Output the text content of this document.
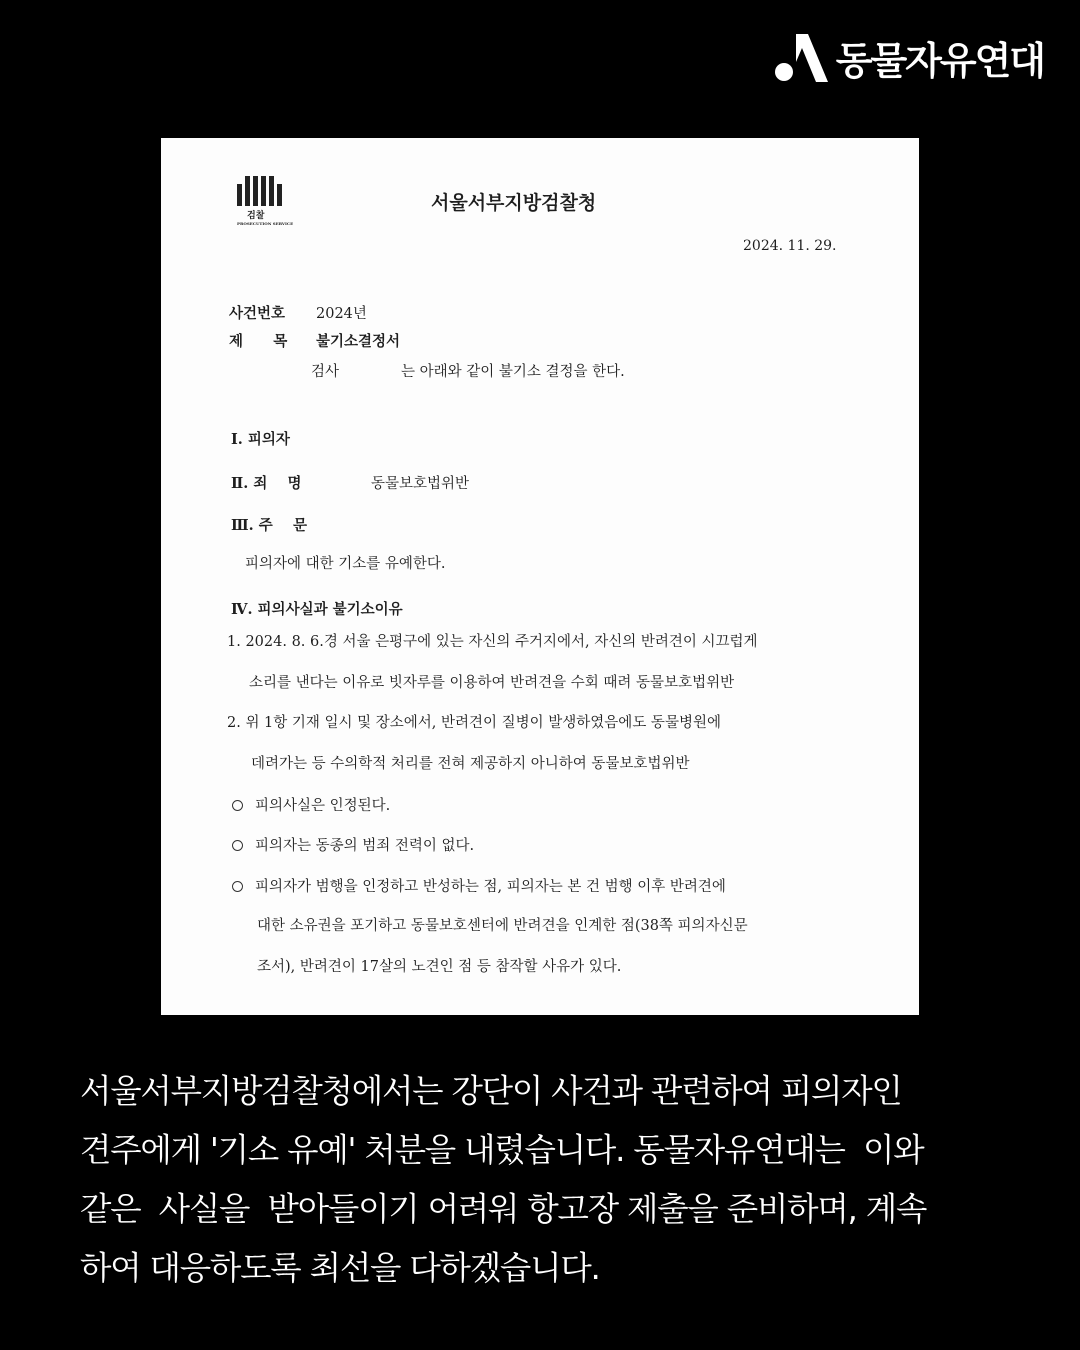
동물자유연대
검찰
PROSECUTION SERVICE
서울서부지방검찰청
2024. 11. 29.
사건번호 2024년
제      목 불기소결정서
검사	는 아래와 같이 불기소 결정을 한다.
Ⅰ. 피의자
Ⅱ. 죄    명	동물보호법위반
Ⅲ. 주    문
피의자에 대한 기소를 유예한다.
Ⅳ. 피의사실과 불기소이유
1. 2024. 8. 6.경 서울 은평구에 있는 자신의 주거지에서, 자신의 반려견이 시끄럽게
소리를 낸다는 이유로 빗자루를 이용하여 반려견을 수회 때려 동물보호법위반
2. 위 1항 기재 일시 및 장소에서, 반려견이 질병이 발생하였음에도 동물병원에
데려가는 등 수의학적 처리를 전혀 제공하지 아니하여 동물보호법위반
피의사실은 인정된다.
피의자는 동종의 범죄 전력이 없다.
피의자가 범행을 인정하고 반성하는 점, 피의자는 본 건 범행 이후 반려견에
대한 소유권을 포기하고 동물보호센터에 반려견을 인계한 점(38쪽 피의자신문
조서), 반려견이 17살의 노견인 점 등 참작할 사유가 있다.
서울서부지방검찰청에서는 강단이 사건과 관련하여 피의자인
견주에게 '기소 유예' 처분을 내렸습니다. 동물자유연대는  이와
같은  사실을  받아들이기 어려워 항고장 제출을 준비하며, 계속
하여 대응하도록 최선을 다하겠습니다.
